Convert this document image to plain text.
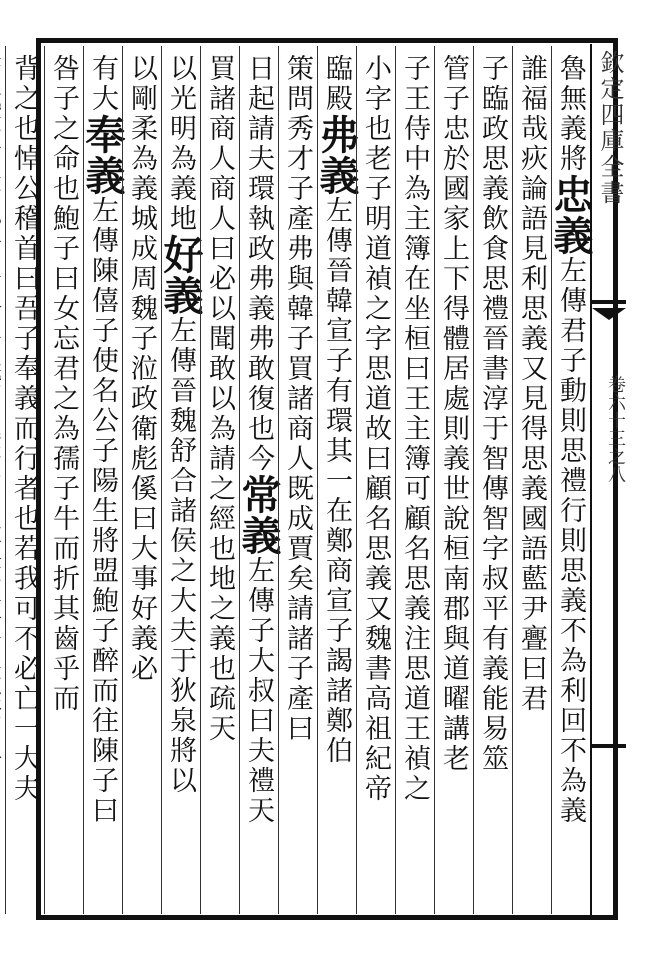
欽定四庫全書
卷六十三之八
魯無義將忠義左傳君子動則思禮行則思義不為利回不為義
誰福哉疢論語見利思義又見得思義國語藍尹亹曰君
子臨政思義飲食思禮晉書淳于智傳智字叔平有義能易筮
管子忠於國家上下得體居處則義世說桓南郡與道曜講老
子王侍中為主簿在坐桓曰王主簿可顧名思義注思道王禎之
小字也老子明道禎之字思道故曰顧名思義又魏書高祖紀帝
臨殿弗義左傳晉韓宣子有環其一在鄭商宣子謁諸鄭伯
策問秀才子產弗與韓子買諸商人既成賈矣請諸子產曰
日起請夫環執政弗義弗敢復也今常義左傳子大叔曰夫禮天
買諸商人商人曰必以聞敢以為請之經也地之義也疏天
以光明為義地好義左傳晉魏舒合諸侯之大夫于狄泉將以
以剛柔為義城成周魏子涖政衛彪傒曰大事好義必
有大奉義左傳陳僖子使名公子陽生將盟鮑子醉而往陳子曰
咎子之命也鮑子曰女忘君之為孺子牛而折其齒乎而
背之也悼公稽首曰吾子奉義而行者也若我可不必亡一大夫
